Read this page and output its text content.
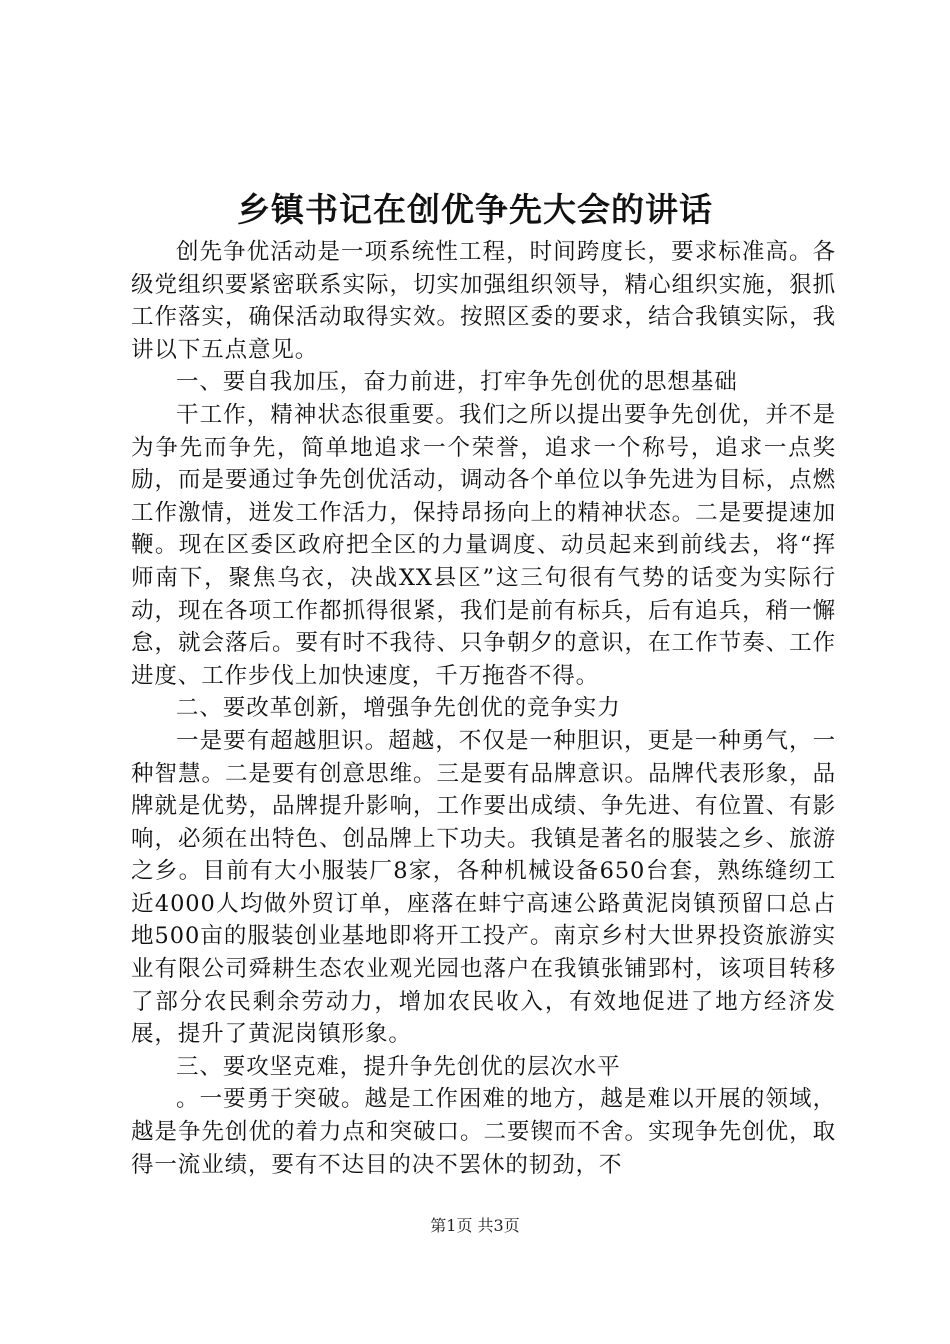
乡镇书记在创优争先大会的讲话

创先争优活动是一项系统性工程，时间跨度长，要求标准高。各级党组织要紧密联系实际，切实加强组织领导，精心组织实施，狠抓工作落实，确保活动取得实效。按照区委的要求，结合我镇实际，我讲以下五点意见。

一、要自我加压，奋力前进，打牢争先创优的思想基础

干工作，精神状态很重要。我们之所以提出要争先创优，并不是为争先而争先，简单地追求一个荣誉，追求一个称号，追求一点奖励，而是要通过争先创优活动，调动各个单位以争先进为目标，点燃工作激情，迸发工作活力，保持昂扬向上的精神状态。二是要提速加鞭。现在区委区政府把全区的力量调度、动员起来到前线去，将“挥师南下，聚焦乌衣，决战XX县区”这三句很有气势的话变为实际行动，现在各项工作都抓得很紧，我们是前有标兵，后有追兵，稍一懈怠，就会落后。要有时不我待、只争朝夕的意识，在工作节奏、工作进度、工作步伐上加快速度，千万拖沓不得。

二、要改革创新，增强争先创优的竞争实力

一是要有超越胆识。超越，不仅是一种胆识，更是一种勇气，一种智慧。二是要有创意思维。三是要有品牌意识。品牌代表形象，品牌就是优势，品牌提升影响，工作要出成绩、争先进、有位置、有影响，必须在出特色、创品牌上下功夫。我镇是著名的服装之乡、旅游之乡。目前有大小服装厂8家，各种机械设备650台套，熟练缝纫工近4000人均做外贸订单，座落在蚌宁高速公路黄泥岗镇预留口总占地500亩的服装创业基地即将开工投产。南京乡村大世界投资旅游实业有限公司舜耕生态农业观光园也落户在我镇张铺郢村，该项目转移了部分农民剩余劳动力，增加农民收入，有效地促进了地方经济发展，提升了黄泥岗镇形象。

三、要攻坚克难，提升争先创优的层次水平

。一要勇于突破。越是工作困难的地方，越是难以开展的领域，越是争先创优的着力点和突破口。二要锲而不舍。实现争先创优，取得一流业绩，要有不达目的决不罢休的韧劲，不

第1页 共3页
